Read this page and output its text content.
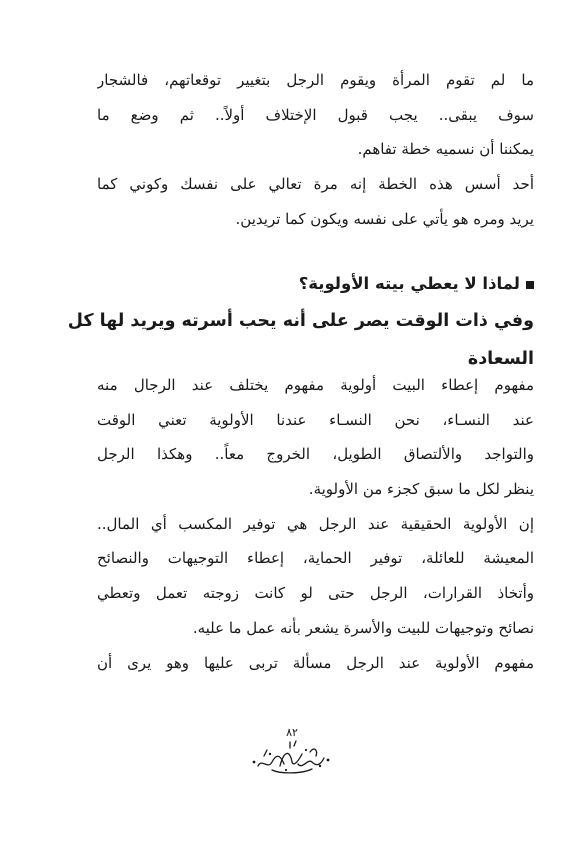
ما لم تقوم المرأة ويقوم الرجل بتغيير توقعاتهم، فالشجار
سوف يبقى.. يجب قبول الإختلاف أولاً.. ثم وضع ما
يمكننا أن نسميه خطة تفاهم.
أحد أسس هذه الخطة إنه مرة تعالي على نفسك وكوني كما
يريد ومره هو يأتي على نفسه ويكون كما تريدين.
لماذا لا يعطي بيته الأولوية؟
وفي ذات الوقت يصر على أنه يحب أسرته ويريد لها كل
السعادة
مفهوم إعطاء البيت أولوية مفهوم يختلف عند الرجال منه
عند النسـاء، نحن النسـاء عندنا الأولوية تعني الوقت
والتواجد والألتصاق الطويل، الخروج معاً.. وهكذا الرجل
ينظر لكل ما سبق كجزء من الأولوية.
إن الأولوية الحقيقية عند الرجل هي توفير المكسب أي المال..
المعيشة للعائلة، توفير الحماية، إعطاء التوجيهات والنصائح
وأتخاذ القرارات، الرجل حتى لو كانت زوجته تعمل وتعطي
نصائح وتوجيهات للبيت والأسرة يشعر بأنه عمل ما عليه.
مفهوم الأولوية عند الرجل مسألة تربى عليها وهو يرى أن
٨٢
